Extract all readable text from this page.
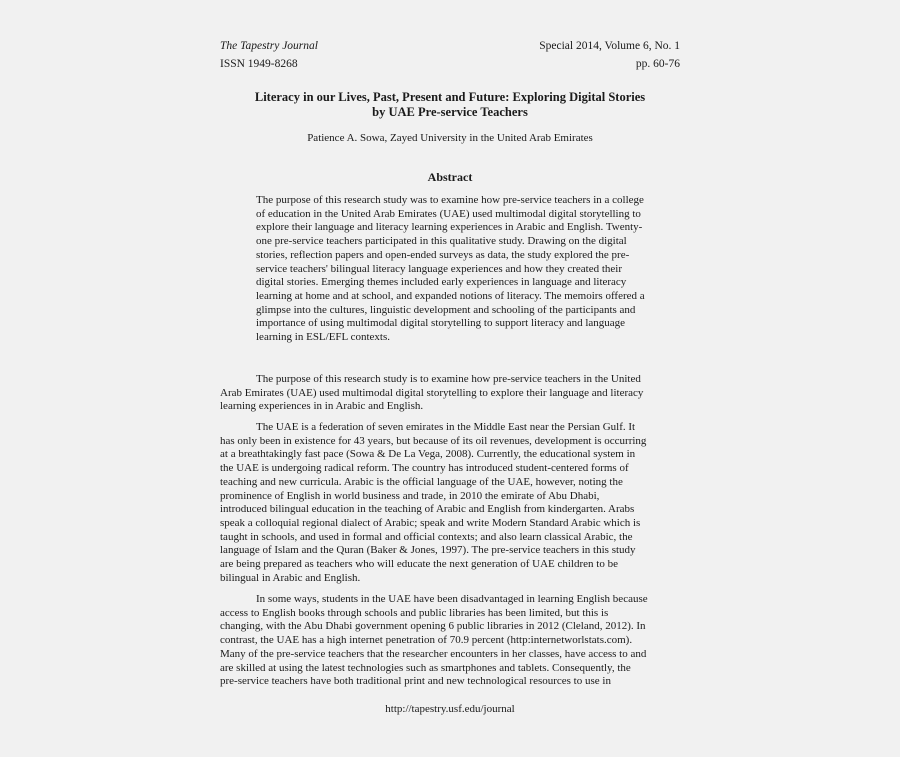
The Tapestry Journal	Special 2014, Volume 6, No. 1
ISSN 1949-8268	pp. 60-76
Literacy in our Lives, Past, Present and Future: Exploring Digital Stories
by UAE Pre-service Teachers
Patience A. Sowa, Zayed University in the United Arab Emirates
Abstract
The purpose of this research study was to examine how pre-service teachers in a college
of education in the United Arab Emirates (UAE) used multimodal digital storytelling to
explore their language and literacy learning experiences in Arabic and English. Twenty-
one pre-service teachers participated in this qualitative study. Drawing on the digital
stories, reflection papers and open-ended surveys as data, the study explored the pre-
service teachers' bilingual literacy language experiences and how they created their
digital stories. Emerging themes included early experiences in language and literacy
learning at home and at school, and expanded notions of literacy. The memoirs offered a
glimpse into the cultures, linguistic development and schooling of the participants and
importance of using multimodal digital storytelling to support literacy and language
learning in ESL/EFL contexts.
The purpose of this research study is to examine how pre-service teachers in the United
Arab Emirates (UAE) used multimodal digital storytelling to explore their language and literacy
learning experiences in in Arabic and English.
The UAE is a federation of seven emirates in the Middle East near the Persian Gulf. It
has only been in existence for 43 years, but because of its oil revenues, development is occurring
at a breathtakingly fast pace (Sowa & De La Vega, 2008). Currently, the educational system in
the UAE is undergoing radical reform. The country has introduced student-centered forms of
teaching and new curricula. Arabic is the official language of the UAE, however, noting the
prominence of English in world business and trade, in 2010 the emirate of Abu Dhabi,
introduced bilingual education in the teaching of Arabic and English from kindergarten. Arabs
speak a colloquial regional dialect of Arabic; speak and write Modern Standard Arabic which is
taught in schools, and used in formal and official contexts; and also learn classical Arabic, the
language of Islam and the Quran (Baker & Jones, 1997). The pre-service teachers in this study
are being prepared as teachers who will educate the next generation of UAE children to be
bilingual in Arabic and English.
In some ways, students in the UAE have been disadvantaged in learning English because
access to English books through schools and public libraries has been limited, but this is
changing, with the Abu Dhabi government opening 6 public libraries in 2012 (Cleland, 2012). In
contrast, the UAE has a high internet penetration of 70.9 percent (http:internetworlstats.com).
Many of the pre-service teachers that the researcher encounters in her classes, have access to and
are skilled at using the latest technologies such as smartphones and tablets. Consequently, the
pre-service teachers have both traditional print and new technological resources to use in
http://tapestry.usf.edu/journal
